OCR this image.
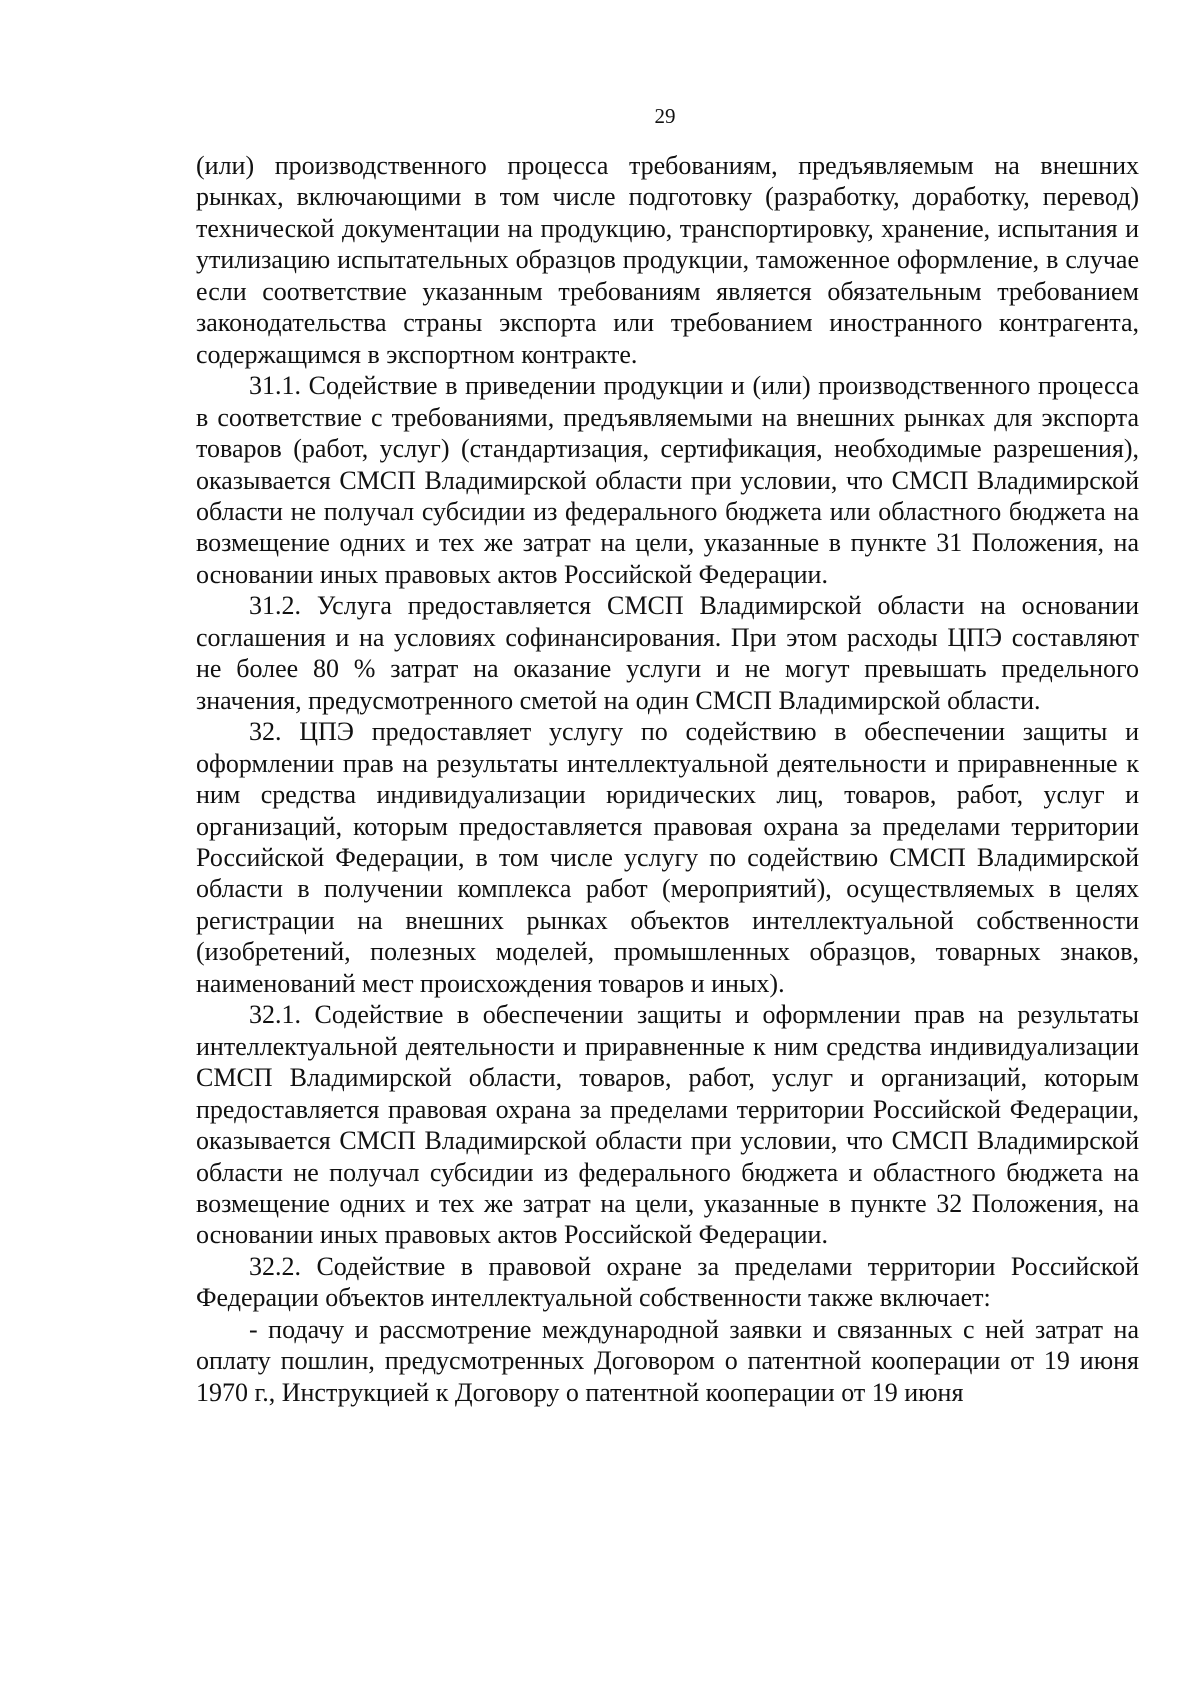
29

(или) производственного процесса требованиям, предъявляемым на внешних рынках, включающими в том числе подготовку (разработку, доработку, перевод) технической документации на продукцию, транспортировку, хранение, испытания и утилизацию испытательных образцов продукции, таможенное оформление, в случае если соответствие указанным требованиям является обязательным требованием законодательства страны экспорта или требованием иностранного контрагента, содержащимся в экспортном контракте.

31.1. Содействие в приведении продукции и (или) производственного процесса в соответствие с требованиями, предъявляемыми на внешних рынках для экспорта товаров (работ, услуг) (стандартизация, сертификация, необходимые разрешения), оказывается СМСП Владимирской области при условии, что СМСП Владимирской области не получал субсидии из федерального бюджета или областного бюджета на возмещение одних и тех же затрат на цели, указанные в пункте 31 Положения, на основании иных правовых актов Российской Федерации.

31.2. Услуга предоставляется СМСП Владимирской области на основании соглашения и на условиях софинансирования. При этом расходы ЦПЭ составляют не более 80 % затрат на оказание услуги и не могут превышать предельного значения, предусмотренного сметой на один СМСП Владимирской области.

32. ЦПЭ предоставляет услугу по содействию в обеспечении защиты и оформлении прав на результаты интеллектуальной деятельности и приравненные к ним средства индивидуализации юридических лиц, товаров, работ, услуг и организаций, которым предоставляется правовая охрана за пределами территории Российской Федерации, в том числе услугу по содействию СМСП Владимирской области в получении комплекса работ (мероприятий), осуществляемых в целях регистрации на внешних рынках объектов интеллектуальной собственности (изобретений, полезных моделей, промышленных образцов, товарных знаков, наименований мест происхождения товаров и иных).

32.1. Содействие в обеспечении защиты и оформлении прав на результаты интеллектуальной деятельности и приравненные к ним средства индивидуализации СМСП Владимирской области, товаров, работ, услуг и организаций, которым предоставляется правовая охрана за пределами территории Российской Федерации, оказывается СМСП Владимирской области при условии, что СМСП Владимирской области не получал субсидии из федерального бюджета и областного бюджета на возмещение одних и тех же затрат на цели, указанные в пункте 32 Положения, на основании иных правовых актов Российской Федерации.

32.2. Содействие в правовой охране за пределами территории Российской Федерации объектов интеллектуальной собственности также включает:

- подачу и рассмотрение международной заявки и связанных с ней затрат на оплату пошлин, предусмотренных Договором о патентной кооперации от 19 июня 1970 г., Инструкцией к Договору о патентной кооперации от 19 июня
